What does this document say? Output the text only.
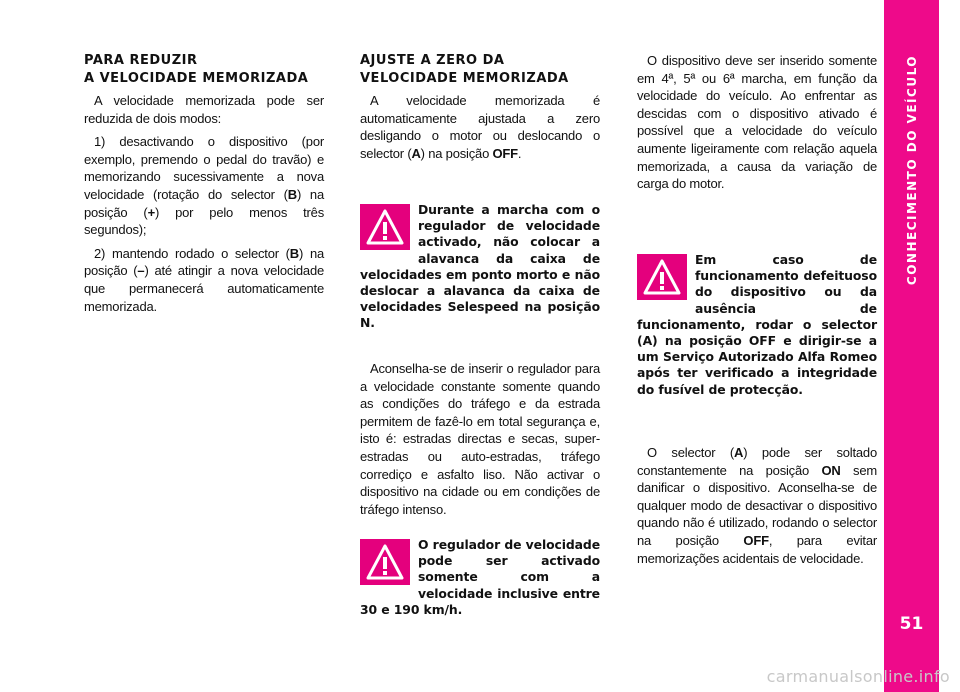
PARA REDUZIR
A VELOCIDADE MEMORIZADA

A velocidade memorizada pode ser reduzida de dois modos:

1) desactivando o dispositivo (por exemplo, premendo o pedal do travão) e memorizando sucessivamente a nova velocidade (rotação do selector (B) na posição (+) por pelo menos três segundos);

2) mantendo rodado o selector (B) na posição (–) até atingir a nova velocidade que permanecerá automaticamente memorizada.

AJUSTE A ZERO DA
VELOCIDADE MEMORIZADA

A velocidade memorizada é automaticamente ajustada a zero desligando o motor ou deslocando o selector (A) na posição OFF.

Durante a marcha com o regulador de velocidade activado, não colocar a alavanca da caixa de velocidades em ponto morto e não deslocar a alavanca da caixa de velocidades Selespeed na posição N.

Aconselha-se de inserir o regulador para a velocidade constante somente quando as condições do tráfego e da estrada permitem de fazê-lo em total segurança e, isto é: estradas directas e secas, super-estradas ou auto-estradas, tráfego corrediço e asfalto liso. Não activar o dispositivo na cidade ou em condições de tráfego intenso.

O regulador de velocidade pode ser activado somente com a velocidade inclusive entre 30 e 190 km/h.

O dispositivo deve ser inserido somente em 4ª, 5ª ou 6ª marcha, em função da velocidade do veículo. Ao enfrentar as descidas com o dispositivo ativado é possível que a velocidade do veículo aumente ligeiramente com relação aquela memorizada, a causa da variação de carga do motor.

Em caso de funcionamento defeituoso do dispositivo ou da ausência de funcionamento, rodar o selector (A) na posição OFF e dirigir-se a um Serviço Autorizado Alfa Romeo após ter verificado a integridade do fusível de protecção.

O selector (A) pode ser soltado constantemente na posição ON sem danificar o dispositivo. Aconselha-se de qualquer modo de desactivar o dispositivo quando não é utilizado, rodando o selector na posição OFF, para evitar memorizações acidentais de velocidade.

CONHECIMENTO DO VEÍCULO
51
carmanualsonline.info
